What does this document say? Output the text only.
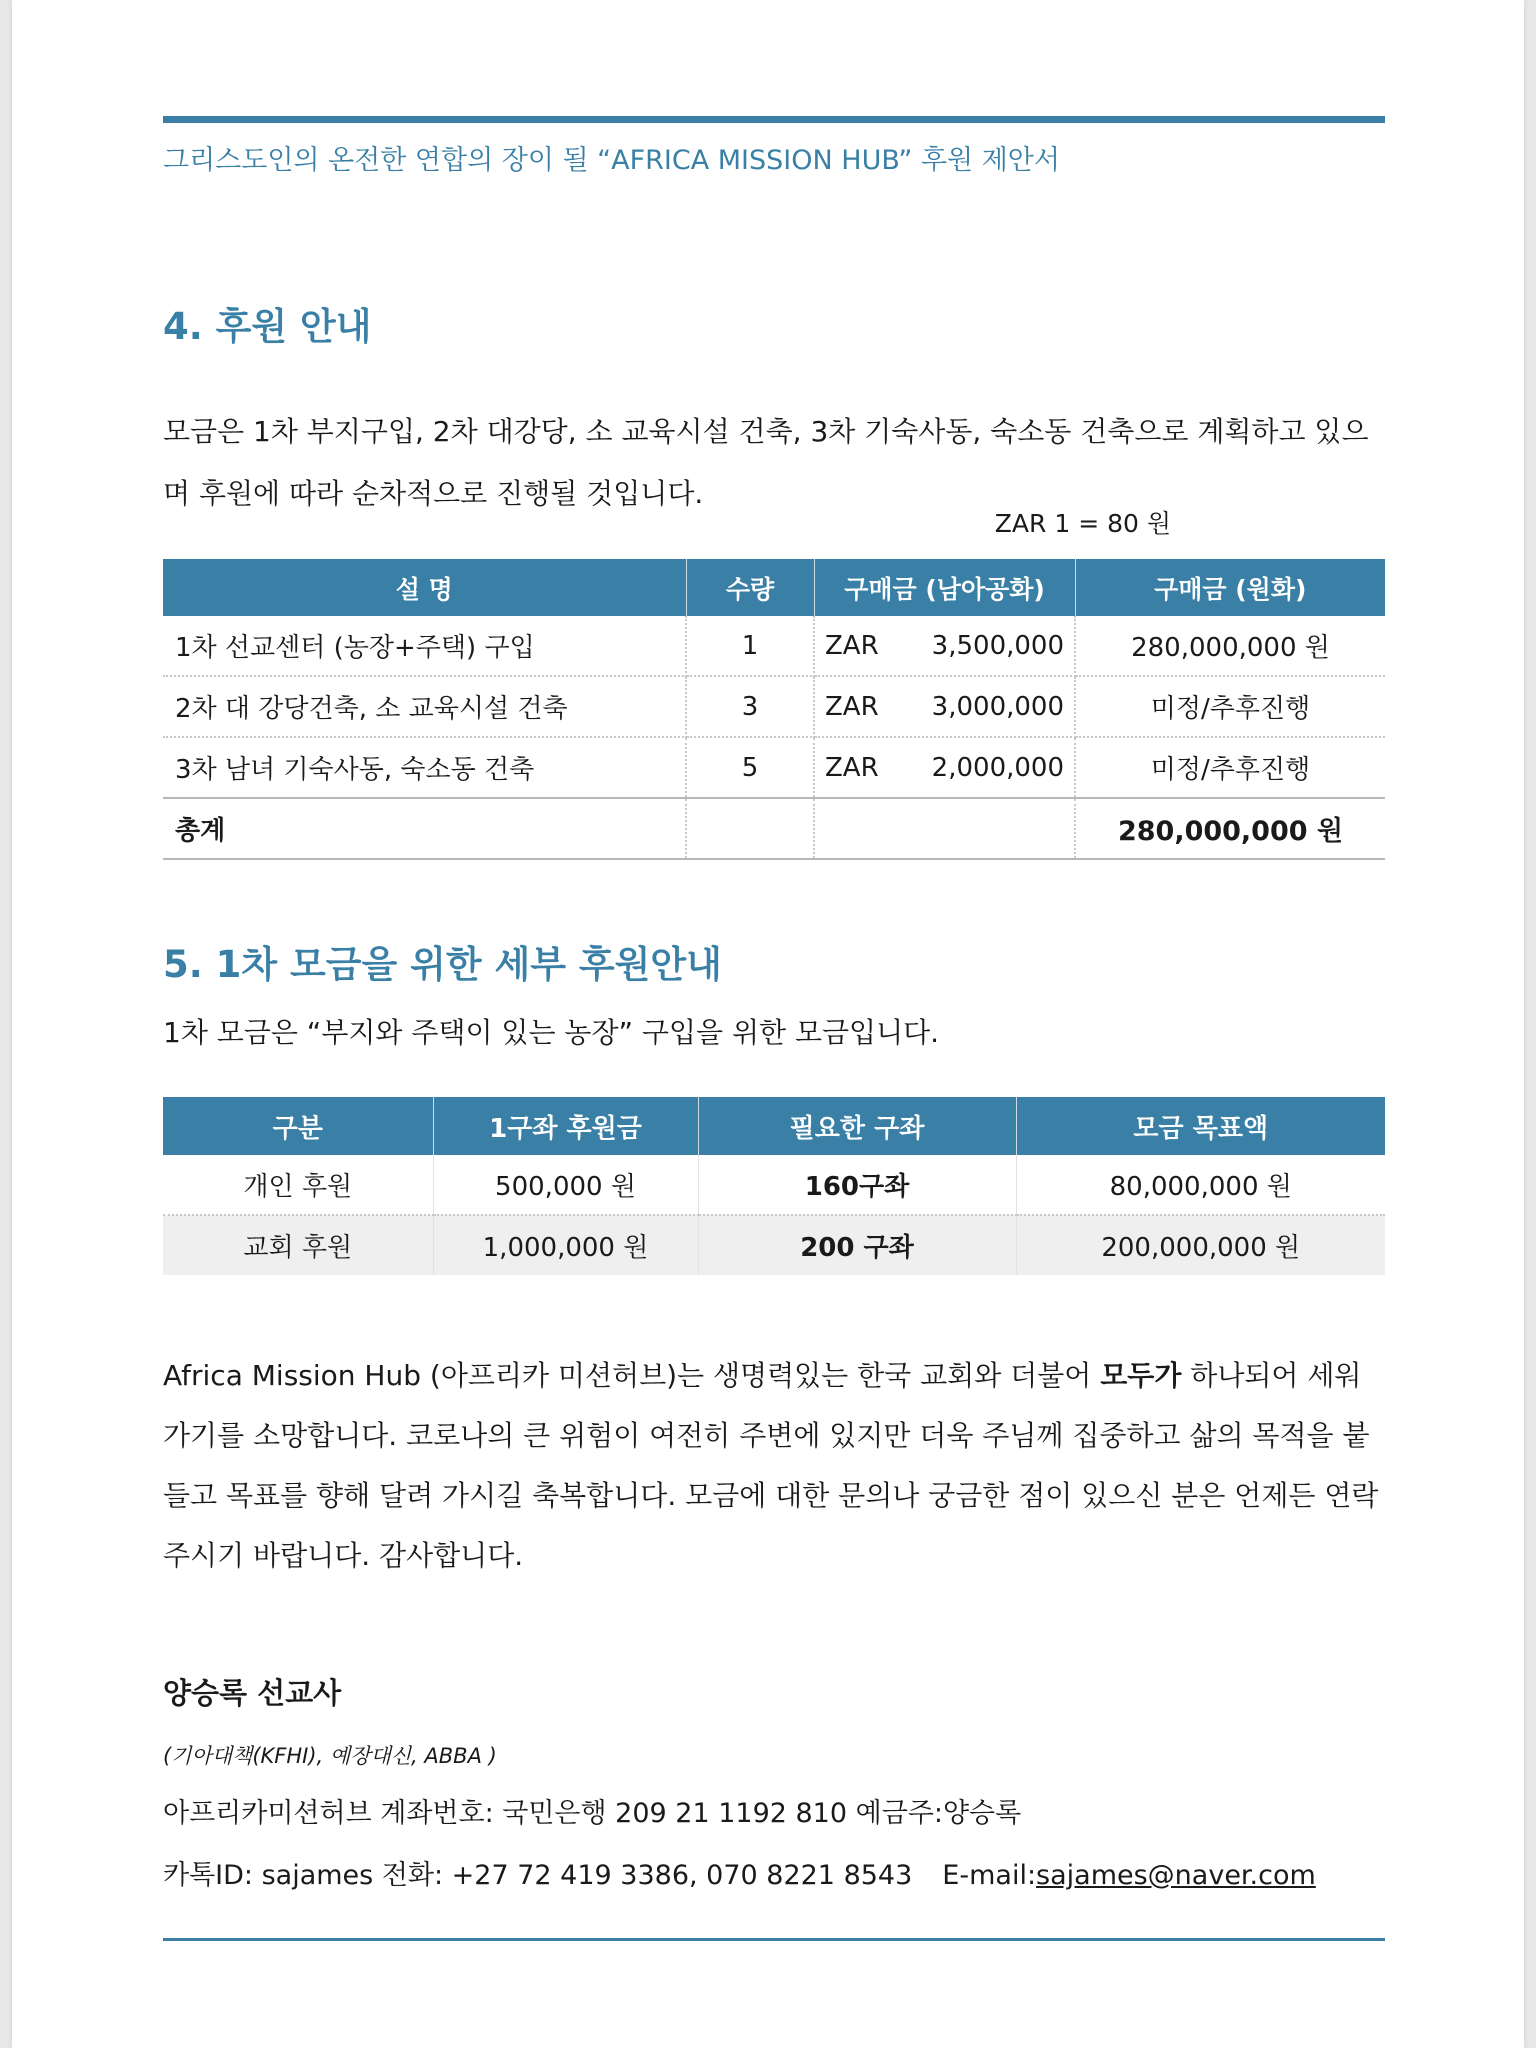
그리스도인의 온전한 연합의 장이 될 “AFRICA MISSION HUB” 후원 제안서
4. 후원 안내
모금은 1차 부지구입, 2차 대강당, 소 교육시설 건축, 3차 기숙사동, 숙소동 건축으로 계획하고 있으며 후원에 따라 순차적으로 진행될 것입니다.
ZAR 1 = 80 원
설 명	수량	구매금 (남아공화)	구매금 (원화)
1차 선교센터 (농장+주택) 구입	1	ZAR 3,500,000	280,000,000 원
2차 대 강당건축, 소 교육시설 건축	3	ZAR 3,000,000	미정/추후진행
3차 남녀 기숙사동, 숙소동 건축	5	ZAR 2,000,000	미정/추후진행
총계			280,000,000 원
5. 1차 모금을 위한 세부 후원안내
1차 모금은 “부지와 주택이 있는 농장” 구입을 위한 모금입니다.
구분	1구좌 후원금	필요한 구좌	모금 목표액
개인 후원	500,000 원	160구좌	80,000,000 원
교회 후원	1,000,000 원	200 구좌	200,000,000 원
Africa Mission Hub (아프리카 미션허브)는 생명력있는 한국 교회와 더불어 모두가 하나되어 세워 가기를 소망합니다. 코로나의 큰 위험이 여전히 주변에 있지만 더욱 주님께 집중하고 삶의 목적을 붙들고 목표를 향해 달려 가시길 축복합니다. 모금에 대한 문의나 궁금한 점이 있으신 분은 언제든 연락 주시기 바랍니다. 감사합니다.
양승록 선교사
(기아대책(KFHI), 예장대신, ABBA )
아프리카미션허브 계좌번호: 국민은행 209 21 1192 810 예금주:양승록
카톡ID: sajames 전화: +27 72 419 3386, 070 8221 8543 E-mail:sajames@naver.com
